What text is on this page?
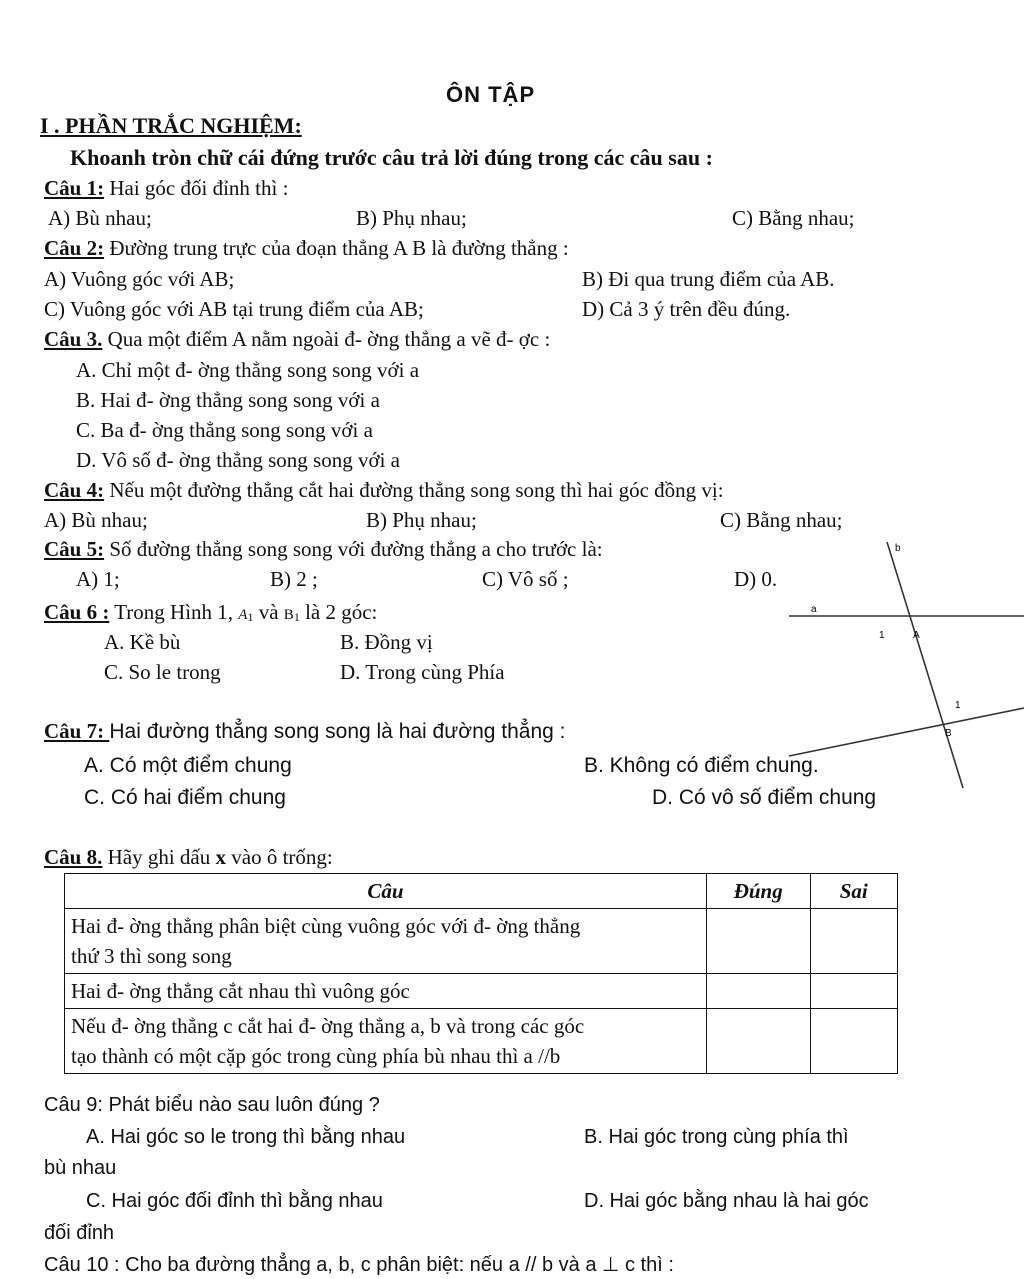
ÔN TẬP
I . PHẦN TRẮC NGHIỆM:
Khoanh tròn chữ cái đứng trước câu trả lời đúng trong các câu sau :
Câu 1: Hai góc đối đỉnh thì :
A) Bù nhau;	B) Phụ nhau;	C) Bằng nhau;
Câu 2: Đường trung trực của đoạn thẳng A B là đường thẳng :
A) Vuông góc với AB;	B) Đi qua trung điểm của AB.
C) Vuông góc với AB tại trung điểm của AB;	D) Cả 3 ý trên đều đúng.
Câu 3. Qua một điểm A nằm ngoài đ- ờng thẳng a vẽ đ- ợc :
A. Chỉ một đ- ờng thẳng song song với a
B. Hai đ- ờng thẳng song song với a
C. Ba đ- ờng thẳng song song với a
D. Vô số đ- ờng thẳng song song với a
Câu 4: Nếu một đường thẳng cắt hai đường thẳng song song thì hai góc đồng vị:
A) Bù nhau;	B) Phụ nhau;	C) Bằng nhau;
Câu 5: Số đường thẳng song song với đường thẳng a cho trước là:
A) 1;	B) 2 ;	C) Vô số ;	D) 0.
Câu 6 : Trong Hình 1, A1 và B1 là 2 góc:
A. Kề bù	B. Đồng vị
C. So le trong	D. Trong cùng Phía
b
a
1	A
1
B
Câu 7: Hai đường thẳng song song là hai đường thẳng :
A. Có một điểm chung	B. Không có điểm chung.
C. Có hai điểm chung	D. Có vô số điểm chung
Câu 8. Hãy ghi dấu x vào ô trống:
Câu	Đúng	Sai

Hai đ- ờng thẳng phân biệt cùng vuông góc với đ- ờng thẳng
thứ 3 thì song song		

Hai đ- ờng thẳng cắt nhau thì vuông góc		

Nếu đ- ờng thẳng c cắt hai đ- ờng thẳng a, b và trong các góc
tạo thành có một cặp góc trong cùng phía bù nhau thì a //b		

Câu 9: Phát biểu nào sau luôn đúng ?
A. Hai góc so le trong thì bằng nhau	B. Hai góc trong cùng phía thì
bù nhau
C. Hai góc đối đỉnh thì bằng nhau	D. Hai góc bằng nhau là hai góc
đối đỉnh
Câu 10 : Cho ba đường thẳng a, b, c phân biệt: nếu a // b và a ⊥ c thì :
